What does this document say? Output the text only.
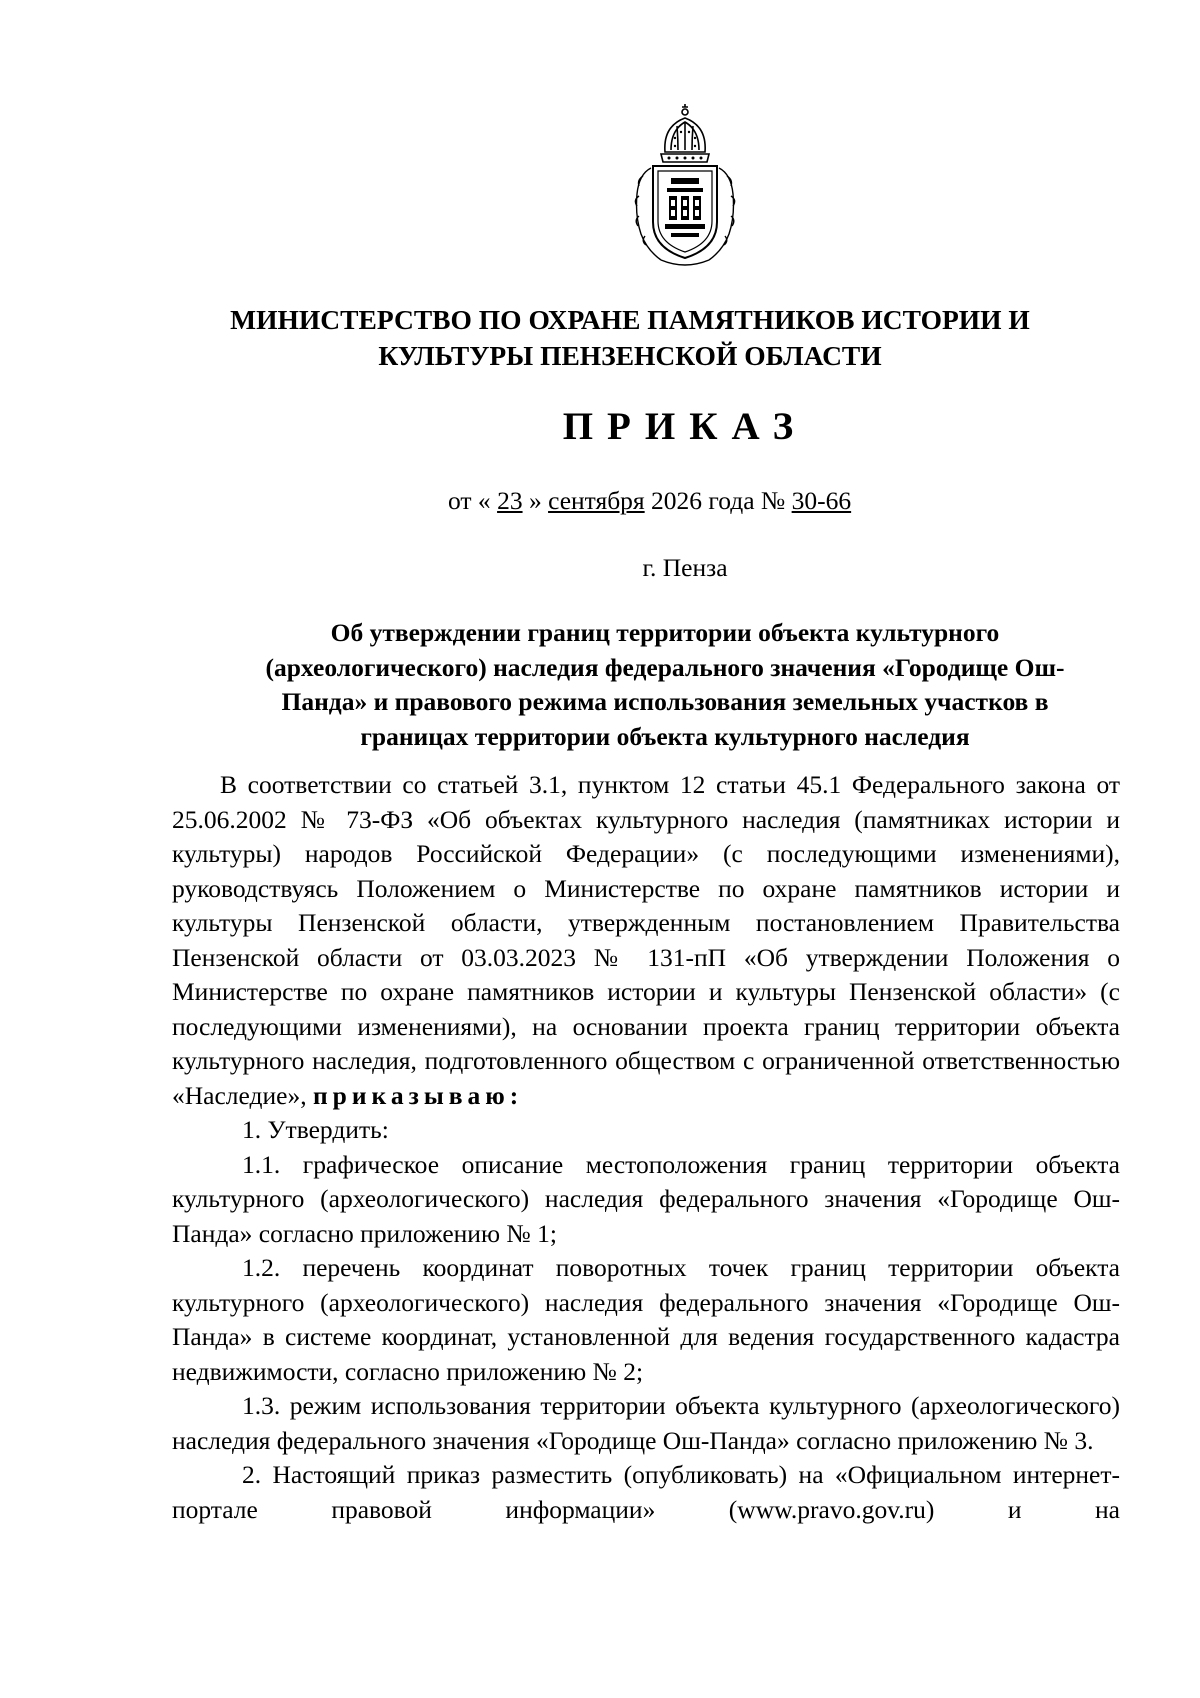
МИНИСТЕРСТВО ПО ОХРАНЕ ПАМЯТНИКОВ ИСТОРИИ И
КУЛЬТУРЫ ПЕНЗЕНСКОЙ ОБЛАСТИ
ПРИКАЗ
от « 23 » сентября 2026 года № 30-66
г. Пенза
Об утверждении границ территории объекта культурного
(археологического) наследия федерального значения «Городище Ош-
Панда» и правового режима использования земельных участков в
границах территории объекта культурного наследия

В соответствии со статьей 3.1, пунктом 12 статьи 45.1 Федерального закона от 25.06.2002 № 73-ФЗ «Об объектах культурного наследия (памятниках истории и культуры) народов Российской Федерации» (с последующими изменениями), руководствуясь Положением о Министерстве по охране памятников истории и культуры Пензенской области, утвержденным постановлением Правительства Пензенской области от 03.03.2023 № 131-пП «Об утверждении Положения о Министерстве по охране памятников истории и культуры Пензенской области» (с последующими изменениями), на основании проекта границ территории объекта культурного наследия, подготовленного обществом с ограниченной ответственностью «Наследие», приказываю:

1. Утвердить:

1.1. графическое описание местоположения границ территории объекта культурного (археологического) наследия федерального значения «Городище Ош-Панда» согласно приложению № 1;

1.2. перечень координат поворотных точек границ территории объекта культурного (археологического) наследия федерального значения «Городище Ош-Панда» в системе координат, установленной для ведения государственного кадастра недвижимости, согласно приложению № 2;

1.3. режим использования территории объекта культурного (археологического) наследия федерального значения «Городище Ош-Панда» согласно приложению № 3.

2. Настоящий приказ разместить (опубликовать) на «Официальном интернет-портале правовой информации» (www.pravo.gov.ru) и на
